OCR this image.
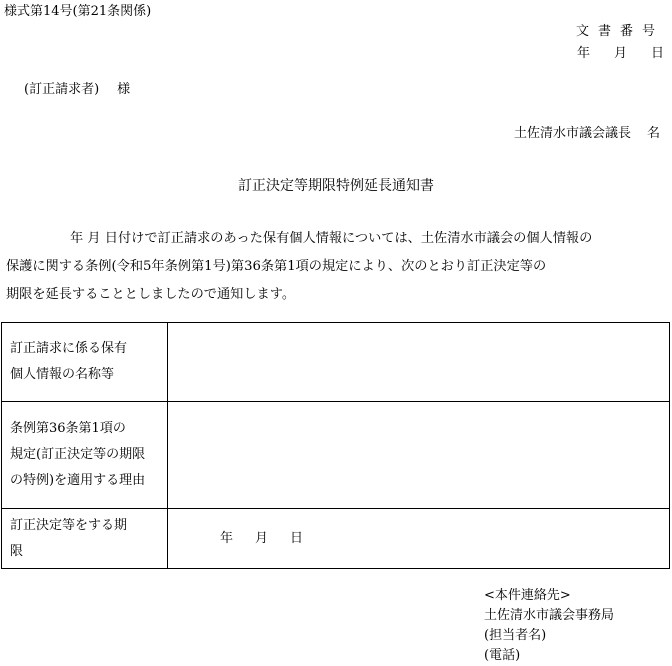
様式第14号(第21条関係)
文書番号
年 月 日
(訂正請求者) 様
土佐清水市議会議長 名
訂正決定等期限特例延長通知書

年 月 日付けで訂正請求のあった保有個人情報については、土佐清水市議会の個人情報の

保護に関する条例(令和5年条例第1号)第36条第1項の規定により、次のとおり訂正決定等の

期限を延長することとしましたので通知します。

訂正請求に係る保有
個人情報の名称等	

条例第36条第1項の
規定(訂正決定等の期限
の特例)を適用する理由	

訂正決定等をする期
限	年 月 日
<本件連絡先>
土佐清水市議会事務局
(担当者名)
(電話)
